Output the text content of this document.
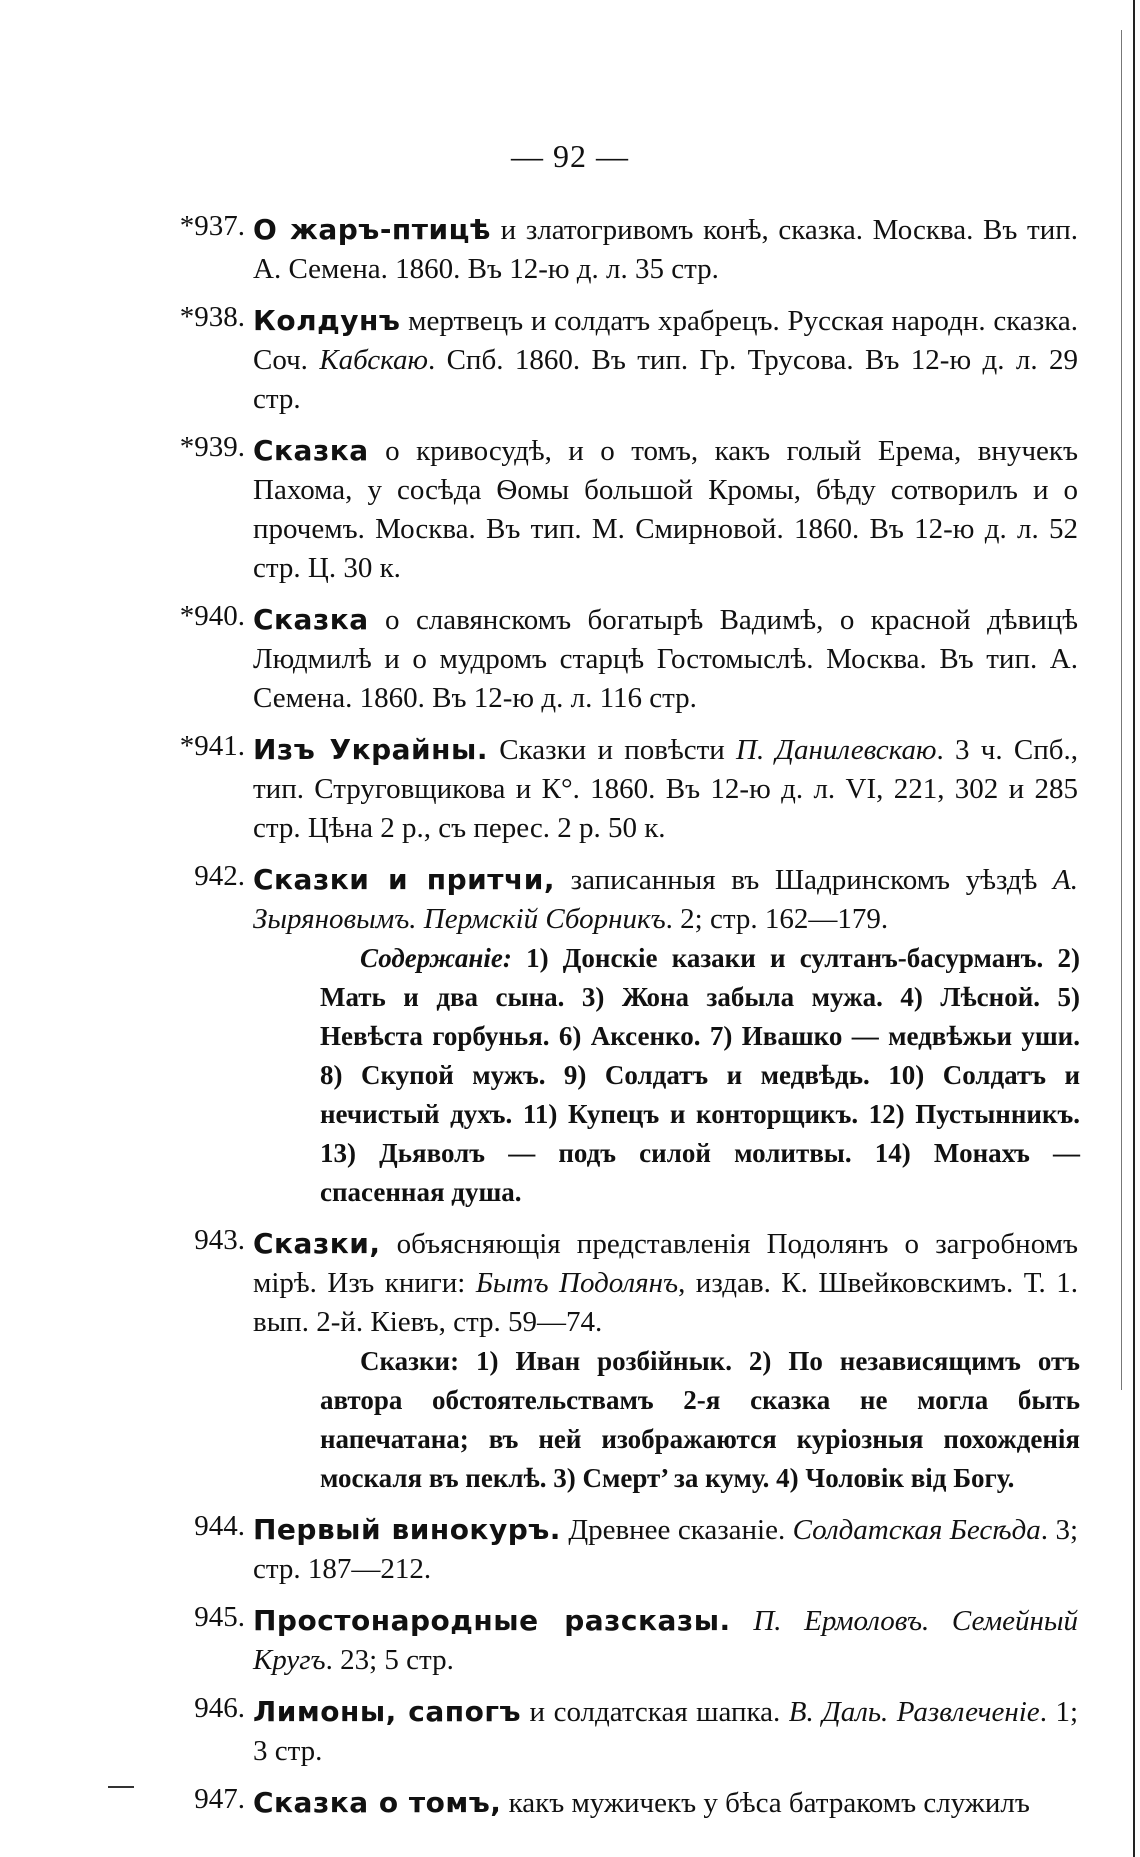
— 92 —
*937. О жаръ-птицѣ и златогривомъ конѣ, сказка. Москва. Въ тип. А. Семена. 1860. Въ 12-ю д. л. 35 стр.
*938. Колдунъ мертвецъ и солдатъ храбрецъ. Русская народн. сказка. Соч. Кабскаю. Спб. 1860. Въ тип. Гр. Трусова. Въ 12-ю д. л. 29 стр.
*939. Сказка о кривосудѣ, и о томъ, какъ голый Ерема, внучекъ Пахома, у сосѣда Ѳомы большой Кромы, бѣду сотворилъ и о прочемъ. Москва. Въ тип. М. Смирновой. 1860. Въ 12-ю д. л. 52 стр. Ц. 30 к.
*940. Сказка о славянскомъ богатырѣ Вадимѣ, о красной дѣвицѣ Людмилѣ и о мудромъ старцѣ Гостомыслѣ. Москва. Въ тип. А. Семена. 1860. Въ 12-ю д. л. 116 стр.
*941. Изъ Украйны. Сказки и повѣсти П. Данилевскаю. 3 ч. Спб., тип. Струговщикова и К°. 1860. Въ 12-ю д. л. VI, 221, 302 и 285 стр. Цѣна 2 р., съ перес. 2 р. 50 к.
942. Сказки и притчи, записанныя въ Шадринскомъ уѣздѣ А. Зыряновымъ. Пермскій Сборникъ. 2; стр. 162—179.
Содержаніе: 1) Донскіе казаки и султанъ-басурманъ. 2) Мать и два сына. 3) Жона забыла мужа. 4) Лѣсной. 5) Невѣста горбунья. 6) Аксенко. 7) Ивашко — медвѣжьи уши. 8) Скупой мужъ. 9) Солдатъ и медвѣдь. 10) Солдатъ и нечистый духъ. 11) Купецъ и конторщикъ. 12) Пустынникъ. 13) Дьяволъ — подъ силой молитвы. 14) Монахъ — спасенная душа.
943. Сказки, объясняющія представленія Подолянъ о загробномъ мірѣ. Изъ книги: Бытъ Подолянъ, издав. К. Швейковскимъ. Т. 1. вып. 2-й. Кіевъ, стр. 59—74.
Сказки: 1) Иван розбійнык. 2) По независящимъ отъ автора обстоятельствамъ 2-я сказка не могла быть напечатана; въ ней изображаются куріозныя похожденія москаля въ пеклѣ. 3) Смерт’ за куму. 4) Чоловік від Богу.
944. Первый винокуръ. Древнее сказаніе. Солдатская Бесѣда. 3; стр. 187—212.
945. Простонародные разсказы. П. Ермоловъ. Семейный Кругъ. 23; 5 стр.
946. Лимоны, сапогъ и солдатская шапка. В. Даль. Развлеченіе. 1; 3 стр.
947. Сказка о томъ, какъ мужичекъ у бѣса батракомъ служилъ
